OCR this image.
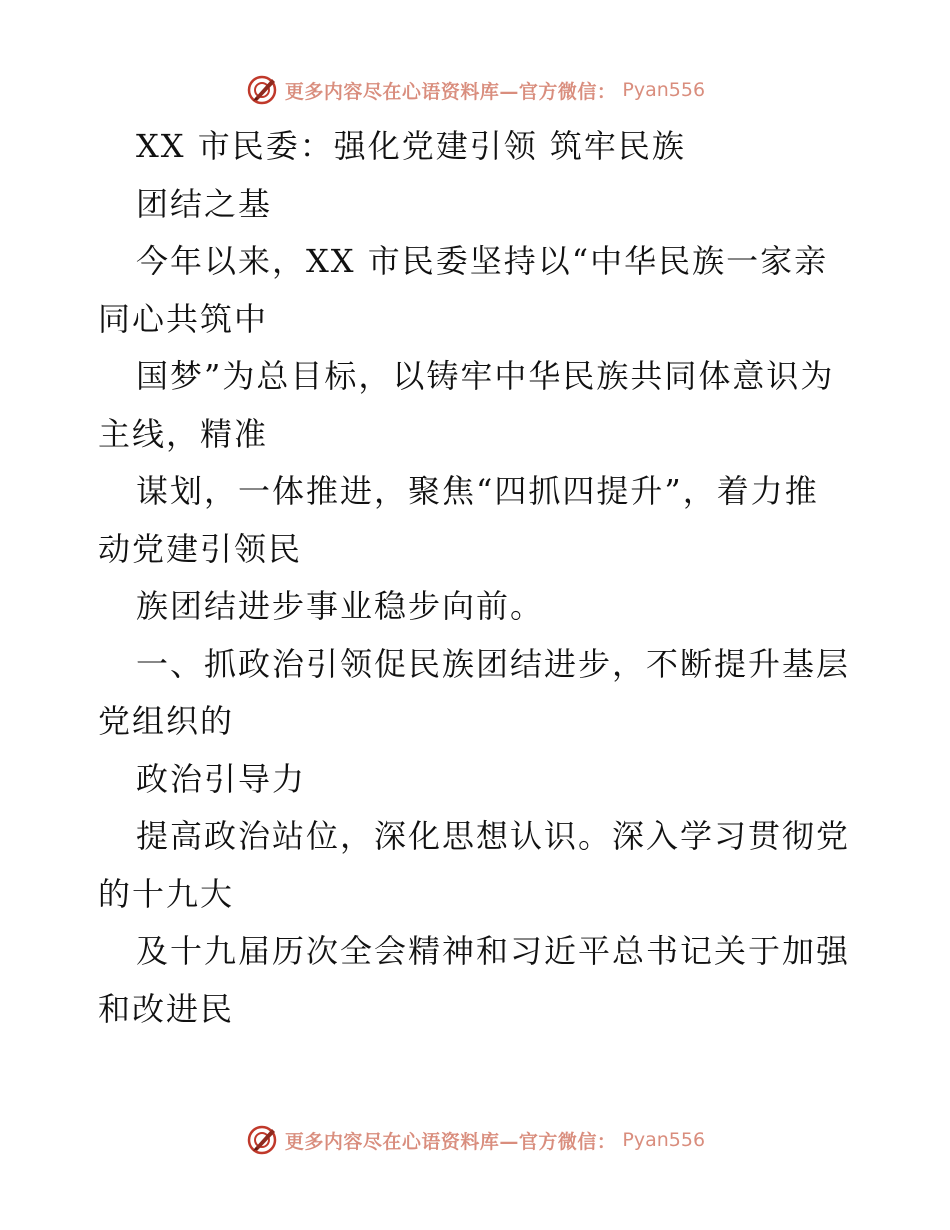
更多内容尽在心语资料库—官方微信： Pyan556
XX 市民委：强化党建引领 筑牢民族
团结之基
今年以来，XX 市民委坚持以“中华民族一家亲
同心共筑中
国梦”为总目标，以铸牢中华民族共同体意识为
主线，精准
谋划，一体推进，聚焦“四抓四提升”，着力推
动党建引领民
族团结进步事业稳步向前。
一、抓政治引领促民族团结进步，不断提升基层
党组织的
政治引导力
提高政治站位，深化思想认识。深入学习贯彻党
的十九大
及十九届历次全会精神和习近平总书记关于加强
和改进民
更多内容尽在心语资料库—官方微信： Pyan556
